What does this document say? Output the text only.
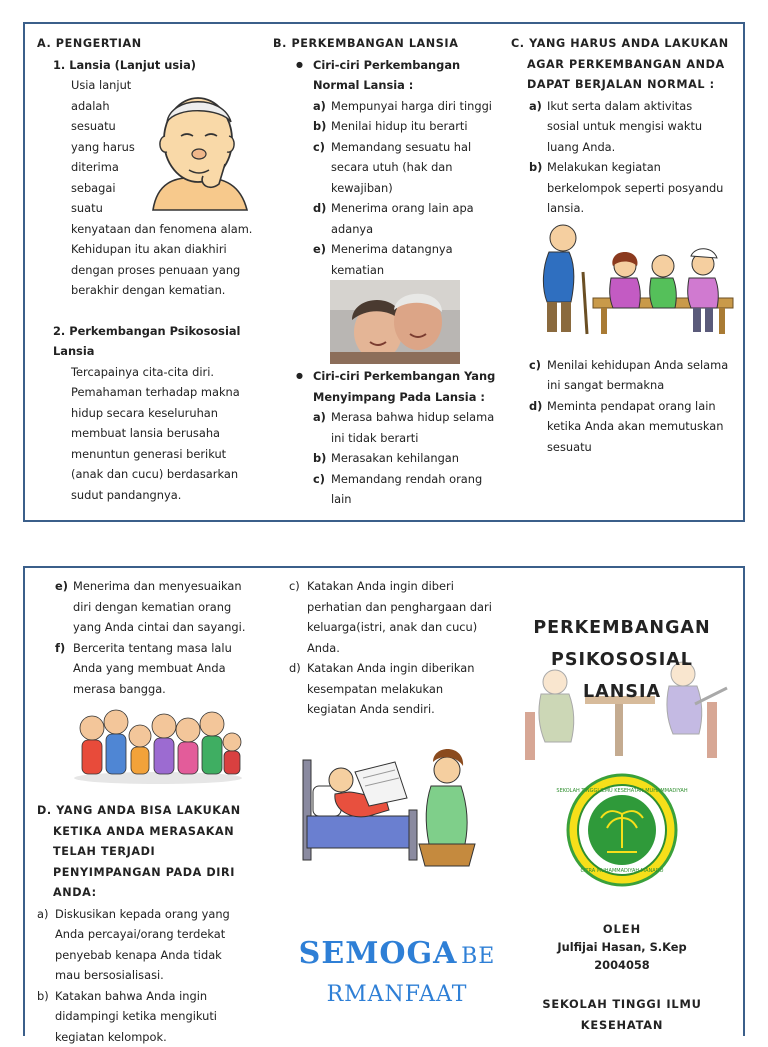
A. PENGERTIAN
1. Lansia (Lanjut usia)
Usia lanjut
adalah
sesuatu
yang harus
diterima
sebagai
suatu
kenyataan dan fenomena alam.
Kehidupan itu akan diakhiri
dengan proses penuaan yang
berakhir dengan kematian.
2. Perkembangan Psikososial
Lansia
Tercapainya cita-cita diri.
Pemahaman terhadap makna
hidup secara keseluruhan
membuat lansia berusaha
menuntun generasi berikut
(anak dan cucu) berdasarkan
sudut pandangnya.
B. PERKEMBANGAN LANSIA
● Ciri-ciri Perkembangan
Normal Lansia :
a) Mempunyai harga diri tinggi
b) Menilai hidup itu berarti
c) Memandang sesuatu hal
secara utuh (hak dan
kewajiban)
d) Menerima orang lain apa
adanya
e) Menerima datangnya
kematian
● Ciri-ciri Perkembangan Yang
Menyimpang Pada Lansia :
a) Merasa bahwa hidup selama
ini tidak berarti
b) Merasakan kehilangan
c) Memandang rendah orang
lain
C. YANG HARUS ANDA LAKUKAN
AGAR PERKEMBANGAN ANDA
DAPAT BERJALAN NORMAL :
a) Ikut serta dalam aktivitas
sosial untuk mengisi waktu
luang Anda.
b) Melakukan kegiatan
berkelompok seperti posyandu
lansia.
c) Menilai kehidupan Anda selama
ini sangat bermakna
d) Meminta pendapat orang lain
ketika Anda akan memutuskan
sesuatu
e) Menerima dan menyesuaikan
diri dengan kematian orang
yang Anda cintai dan sayangi.
f) Bercerita tentang masa lalu
Anda yang membuat Anda
merasa bangga.
D. YANG ANDA BISA LAKUKAN
KETIKA ANDA MERASAKAN
TELAH TERJADI
PENYIMPANGAN PADA DIRI
ANDA:
a) Diskusikan kepada orang yang
Anda percayai/orang terdekat
penyebab kenapa Anda tidak
mau bersosialisasi.
b) Katakan bahwa Anda ingin
didampingi ketika mengikuti
kegiatan kelompok.
c) Katakan Anda ingin diberi
perhatian dan penghargaan dari
keluarga(istri, anak dan cucu)
Anda.
d) Katakan Anda ingin diberikan
kesempatan melakukan
kegiatan Anda sendiri.
SEMOGA BE
RMANFAAT
PERKEMBANGAN
PSIKOSOSIAL
LANSIA
CITRA MUHAMMADIYAH MANADO
SEKOLAH TINGGI ILMU KESEHATAN MUHAMMADIYAH
OLEH
Julfijai Hasan, S.Kep
2004058
SEKOLAH TINGGI ILMU
KESEHATAN
